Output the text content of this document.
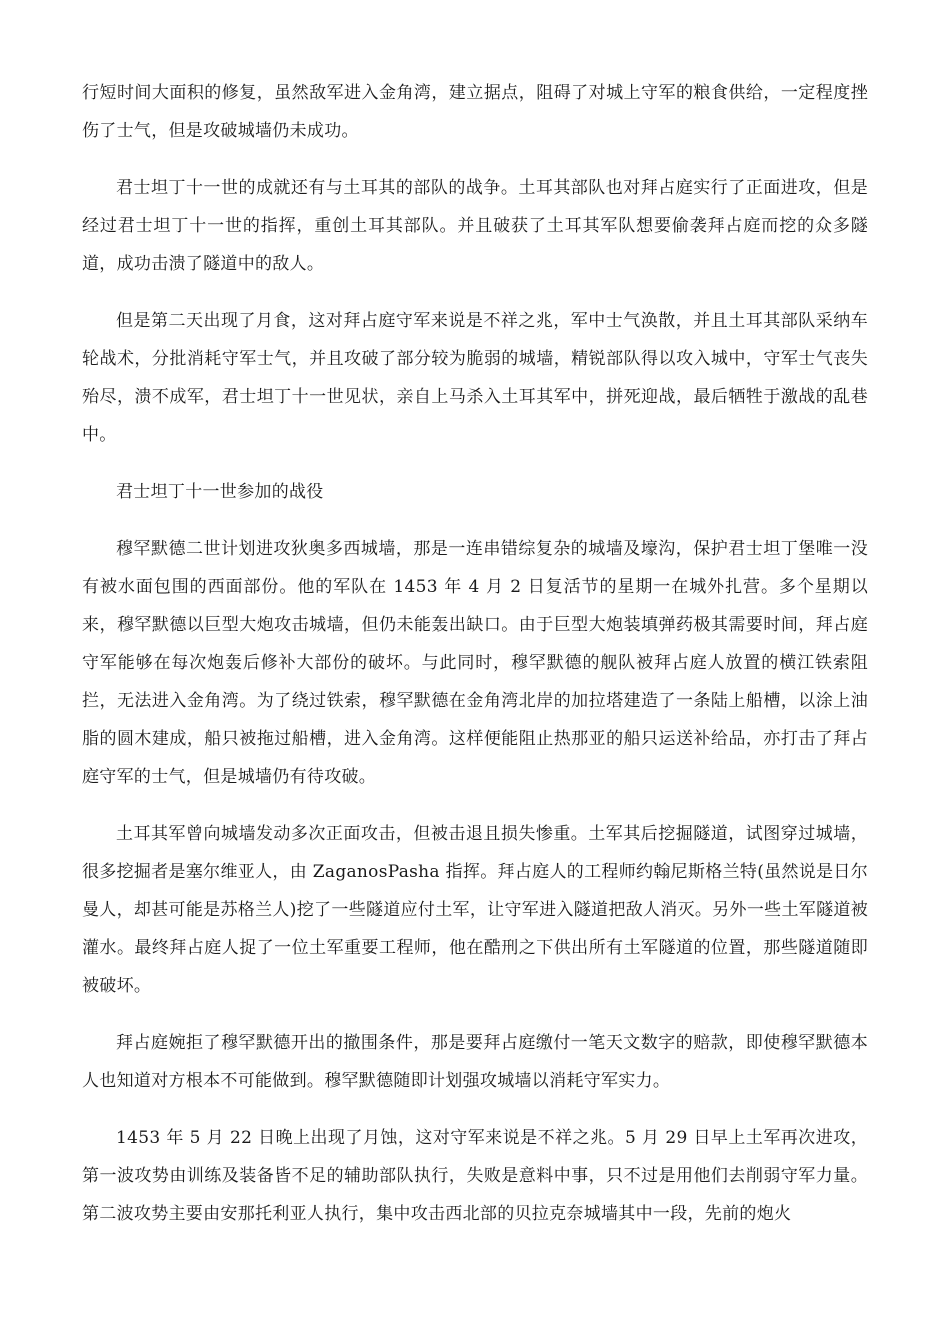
行短时间大面积的修复，虽然敌军进入金角湾，建立据点，阻碍了对城上守军的粮食供给，一定程度挫伤了士气，但是攻破城墙仍未成功。

君士坦丁十一世的成就还有与土耳其的部队的战争。土耳其部队也对拜占庭实行了正面进攻，但是经过君士坦丁十一世的指挥，重创土耳其部队。并且破获了土耳其军队想要偷袭拜占庭而挖的众多隧道，成功击溃了隧道中的敌人。

但是第二天出现了月食，这对拜占庭守军来说是不祥之兆，军中士气涣散，并且土耳其部队采纳车轮战术，分批消耗守军士气，并且攻破了部分较为脆弱的城墙，精锐部队得以攻入城中，守军士气丧失殆尽，溃不成军，君士坦丁十一世见状，亲自上马杀入土耳其军中，拼死迎战，最后牺牲于激战的乱巷中。

君士坦丁十一世参加的战役

穆罕默德二世计划进攻狄奥多西城墙，那是一连串错综复杂的城墙及壕沟，保护君士坦丁堡唯一没有被水面包围的西面部份。他的军队在 1453 年 4 月 2 日复活节的星期一在城外扎营。多个星期以来，穆罕默德以巨型大炮攻击城墙，但仍未能轰出缺口。由于巨型大炮装填弹药极其需要时间，拜占庭守军能够在每次炮轰后修补大部份的破坏。与此同时，穆罕默德的舰队被拜占庭人放置的横江铁索阻拦，无法进入金角湾。为了绕过铁索，穆罕默德在金角湾北岸的加拉塔建造了一条陆上船槽，以涂上油脂的圆木建成，船只被拖过船槽，进入金角湾。这样便能阻止热那亚的船只运送补给品，亦打击了拜占庭守军的士气，但是城墙仍有待攻破。

土耳其军曾向城墙发动多次正面攻击，但被击退且损失惨重。土军其后挖掘隧道，试图穿过城墙，很多挖掘者是塞尔维亚人，由 ZaganosPasha 指挥。拜占庭人的工程师约翰尼斯格兰特(虽然说是日尔曼人，却甚可能是苏格兰人)挖了一些隧道应付土军，让守军进入隧道把敌人消灭。另外一些土军隧道被灌水。最终拜占庭人捉了一位土军重要工程师，他在酷刑之下供出所有土军隧道的位置，那些隧道随即被破坏。

拜占庭婉拒了穆罕默德开出的撤围条件，那是要拜占庭缴付一笔天文数字的赔款，即使穆罕默德本人也知道对方根本不可能做到。穆罕默德随即计划强攻城墙以消耗守军实力。

1453 年 5 月 22 日晚上出现了月蚀，这对守军来说是不祥之兆。5 月 29 日早上土军再次进攻，第一波攻势由训练及装备皆不足的辅助部队执行，失败是意料中事，只不过是用他们去削弱守军力量。第二波攻势主要由安那托利亚人执行，集中攻击西北部的贝拉克奈城墙其中一段，先前的炮火
